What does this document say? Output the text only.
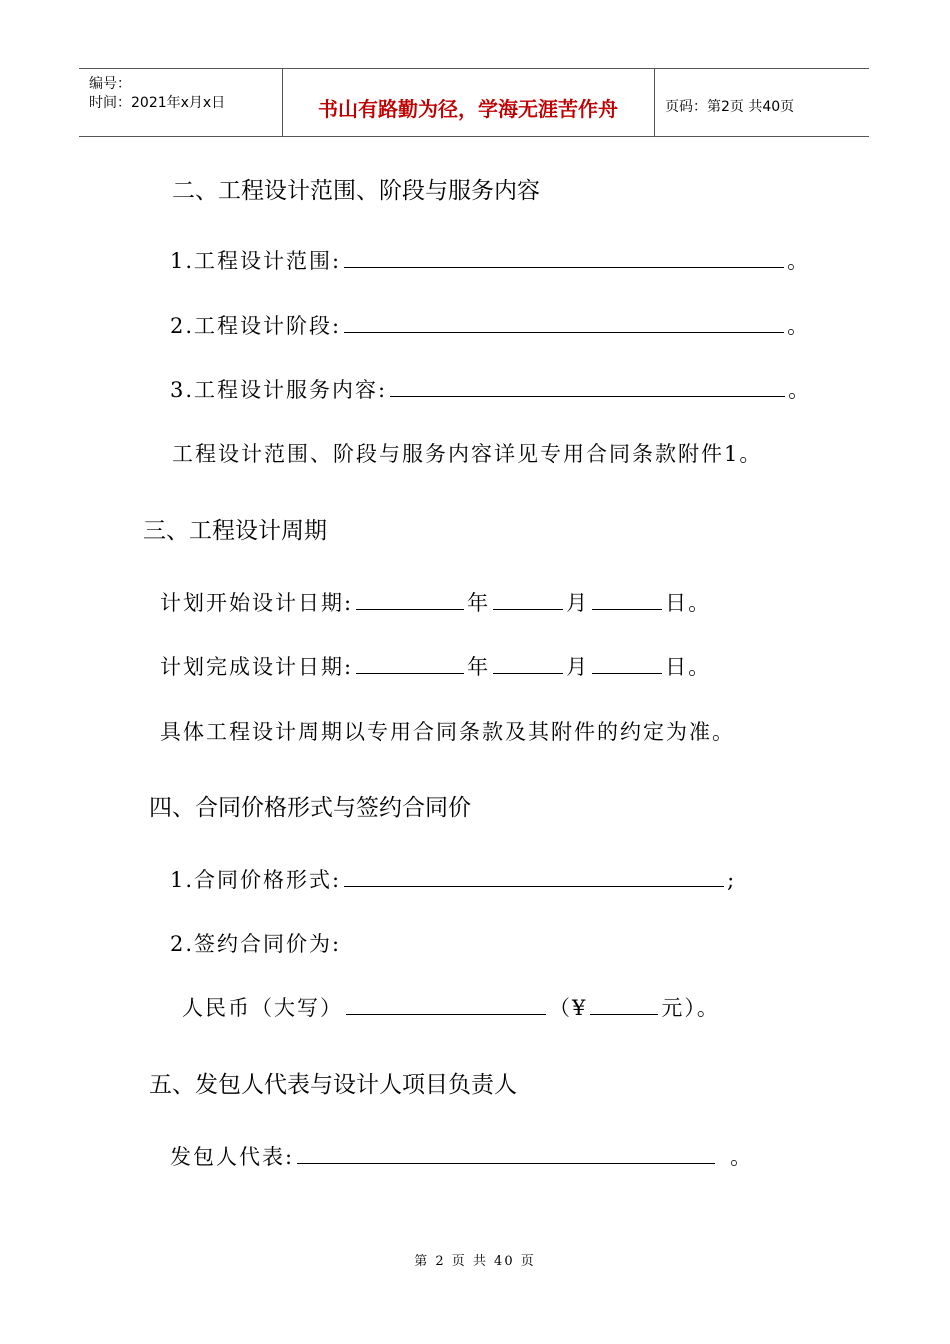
编号：
时间：2021年x月x日	书山有路勤为径，学海无涯苦作舟	页码：第2页 共40页
二、工程设计范围、阶段与服务内容
1.工程设计范围:	。
2.工程设计阶段:	。
3.工程设计服务内容:	。
工程设计范围、阶段与服务内容详见专用合同条款附件1。
三、工程设计周期
计划开始设计日期:	年	月	日。
计划完成设计日期:	年	月	日。
具体工程设计周期以专用合同条款及其附件的约定为准。
四、合同价格形式与签约合同价
1.合同价格形式:	;
2.签约合同价为:
人民币（大写）	（¥	元）。
五、发包人代表与设计人项目负责人
发包人代表:	。
第 2 页 共 40 页
